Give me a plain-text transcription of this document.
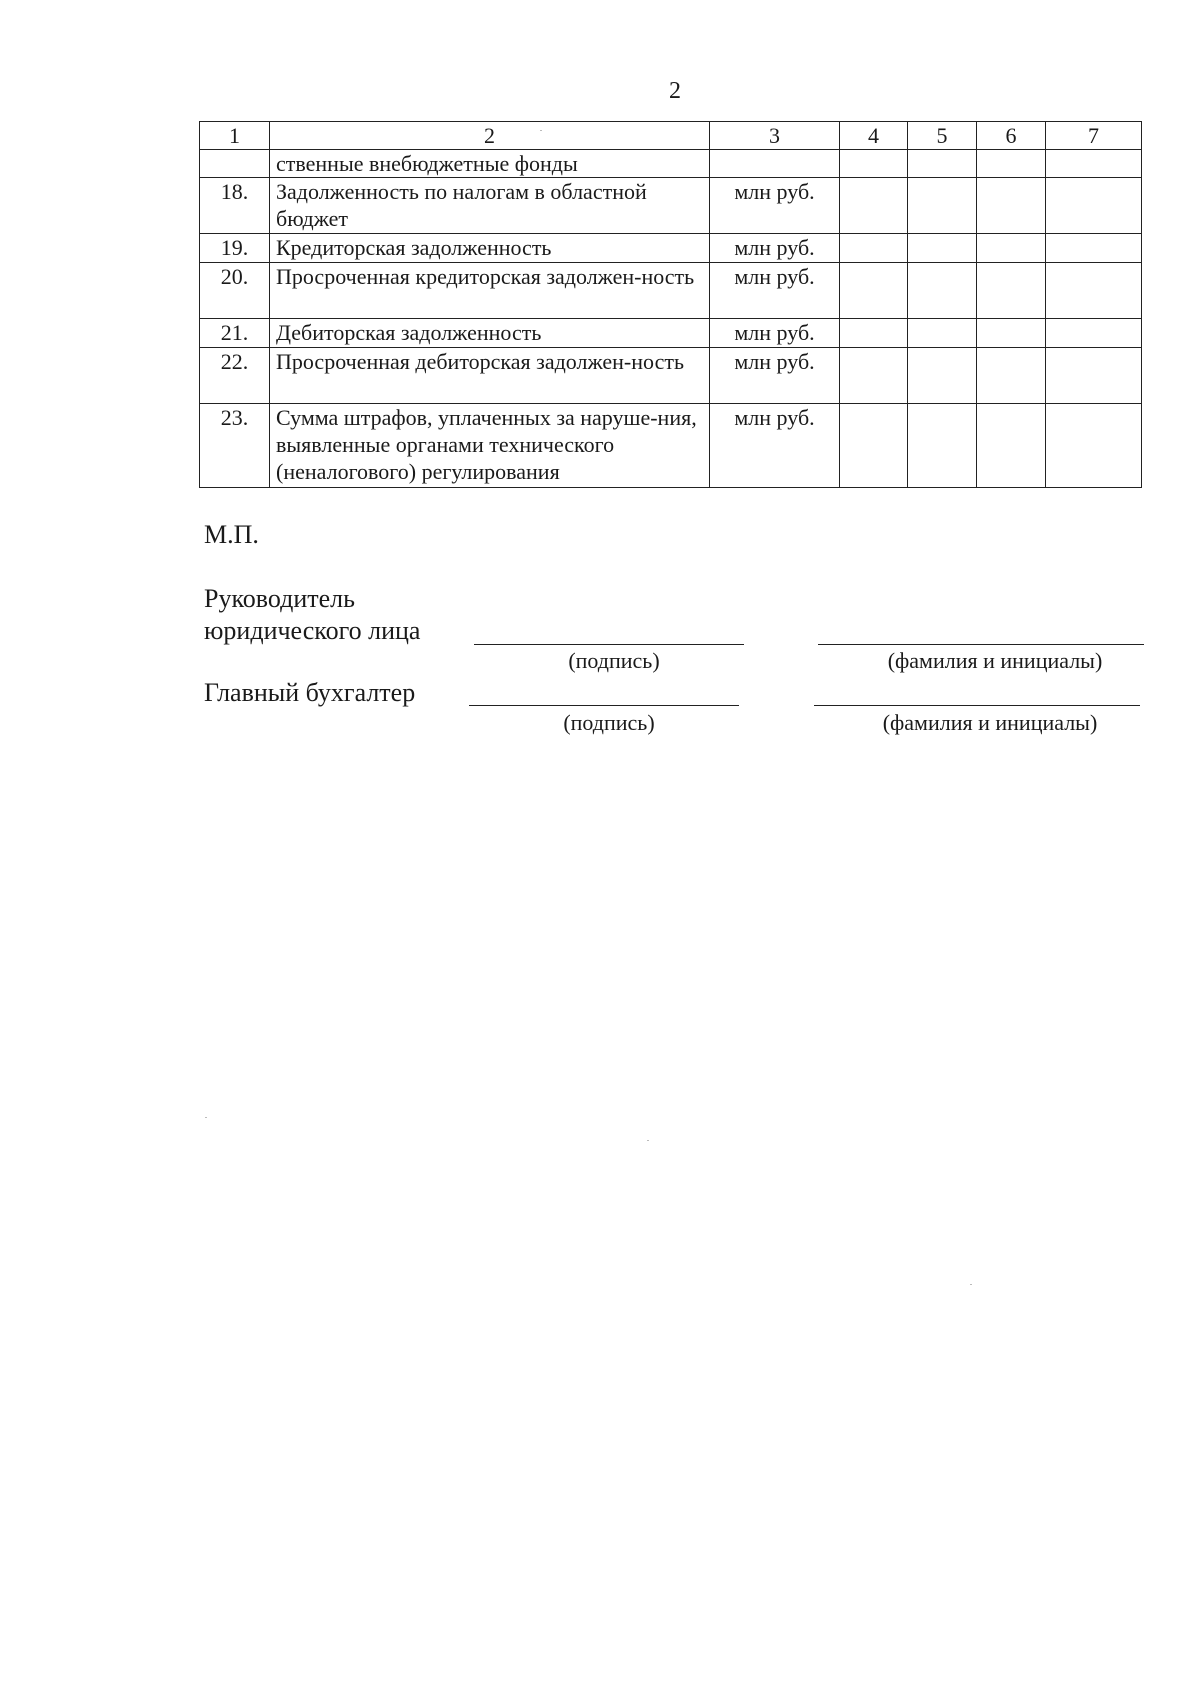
2
1	2	3	4	5	6	7
	ственные внебюджетные фонды					
18.	Задолженность по налогам в областной бюджет	млн руб.				
19.	Кредиторская задолженность	млн руб.				
20.	Просроченная кредиторская задолжен-ность	млн руб.				
21.	Дебиторская задолженность	млн руб.				
22.	Просроченная дебиторская задолжен-ность	млн руб.				
23.	Сумма штрафов, уплаченных за наруше-ния, выявленные органами технического (неналогового) регулирования	млн руб.				
М.П.
Руководитель
юридического лица
(подпись)	(фамилия и инициалы)
Главный бухгалтер
(подпись)	(фамилия и инициалы)
